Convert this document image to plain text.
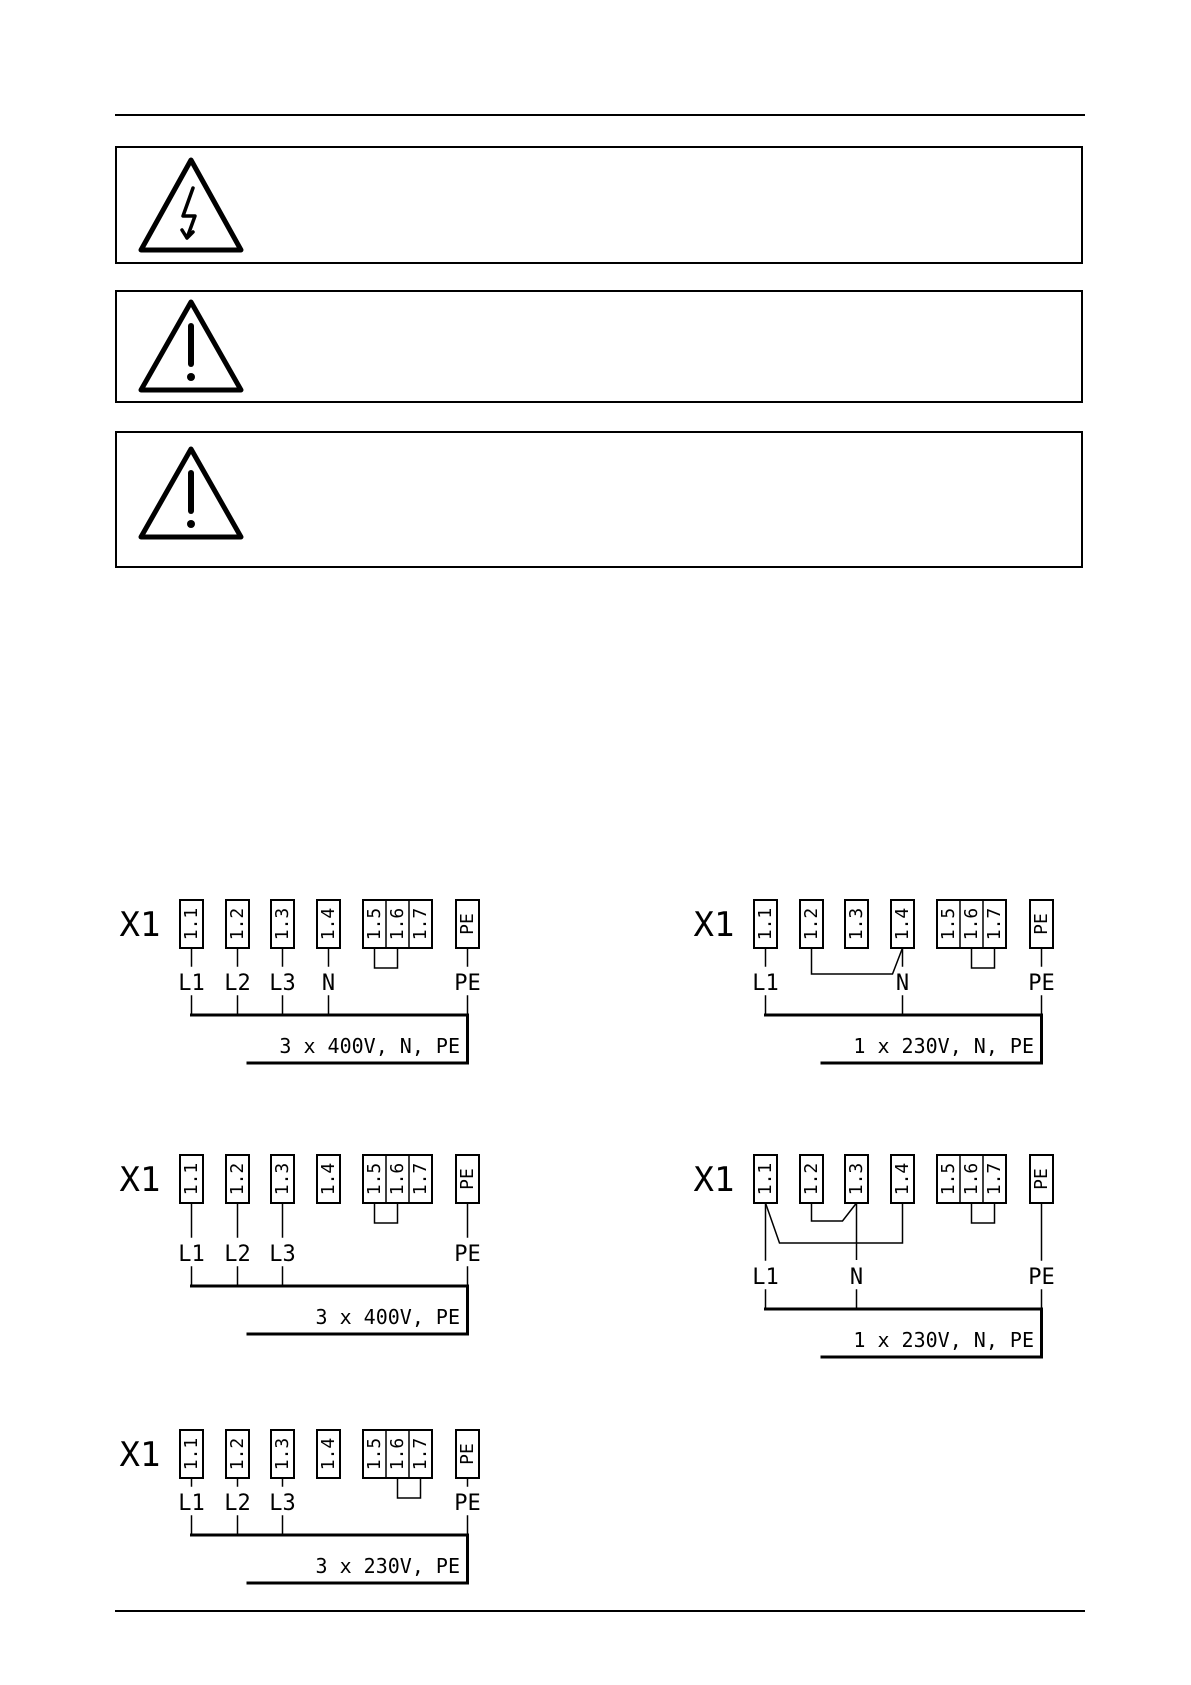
X1 1.1 1.2 1.3 1.4 1.5 1.6 1.7 PE
L1 L2 L3 N	PE
3 x 400V, N, PE
X1 1.1 1.2 1.3 1.4 1.5 1.6 1.7 PE
L1	N	PE
1 x 230V, N, PE
X1 1.1 1.2 1.3 1.4 1.5 1.6 1.7 PE
L1 L2 L3	PE
3 x 400V, PE
X1 1.1 1.2 1.3 1.4 1.5 1.6 1.7 PE
L1	N	PE
1 x 230V, N, PE
X1 1.1 1.2 1.3 1.4 1.5 1.6 1.7 PE
L1 L2 L3	PE
3 x 230V, PE
